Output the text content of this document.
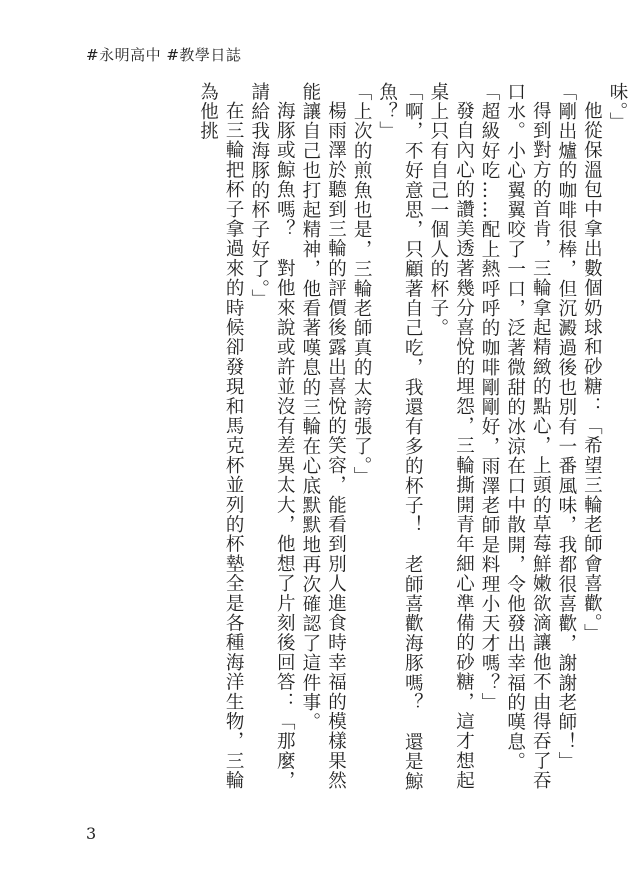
#永明高中 #教學日誌

味。」

他從保溫包中拿出數個奶球和砂糖：「希望三輪老師會喜歡。」

「剛出爐的咖啡很棒，但沉澱過後也別有一番風味，我都很喜歡，謝謝老師！」

得到對方的首肯，三輪拿起精緻的點心，上頭的草莓鮮嫩欲滴讓他不由得吞了吞口水。小心翼翼咬了一口，泛著微甜的冰涼在口中散開，令他發出幸福的嘆息。

「超級好吃……配上熱呼呼的咖啡剛剛好，雨澤老師是料理小天才嗎？」

發自內心的讚美透著幾分喜悅的埋怨，三輪撕開青年細心準備的砂糖，這才想起桌上只有自己一個人的杯子。

「啊，不好意思，只顧著自己吃，我還有多的杯子！　老師喜歡海豚嗎？　還是鯨魚？」

「上次的煎魚也是，三輪老師真的太誇張了。」

楊雨澤於聽到三輪的評價後露出喜悅的笑容，能看到別人進食時幸福的模樣果然能讓自己也打起精神，他看著嘆息的三輪在心底默默地再次確認了這件事。

海豚或鯨魚嗎？　對他來說或許並沒有差異太大，他想了片刻後回答：「那麼，請給我海豚的杯子好了。」

在三輪把杯子拿過來的時候卻發現和馬克杯並列的杯墊全是各種海洋生物，三輪為他挑

3
